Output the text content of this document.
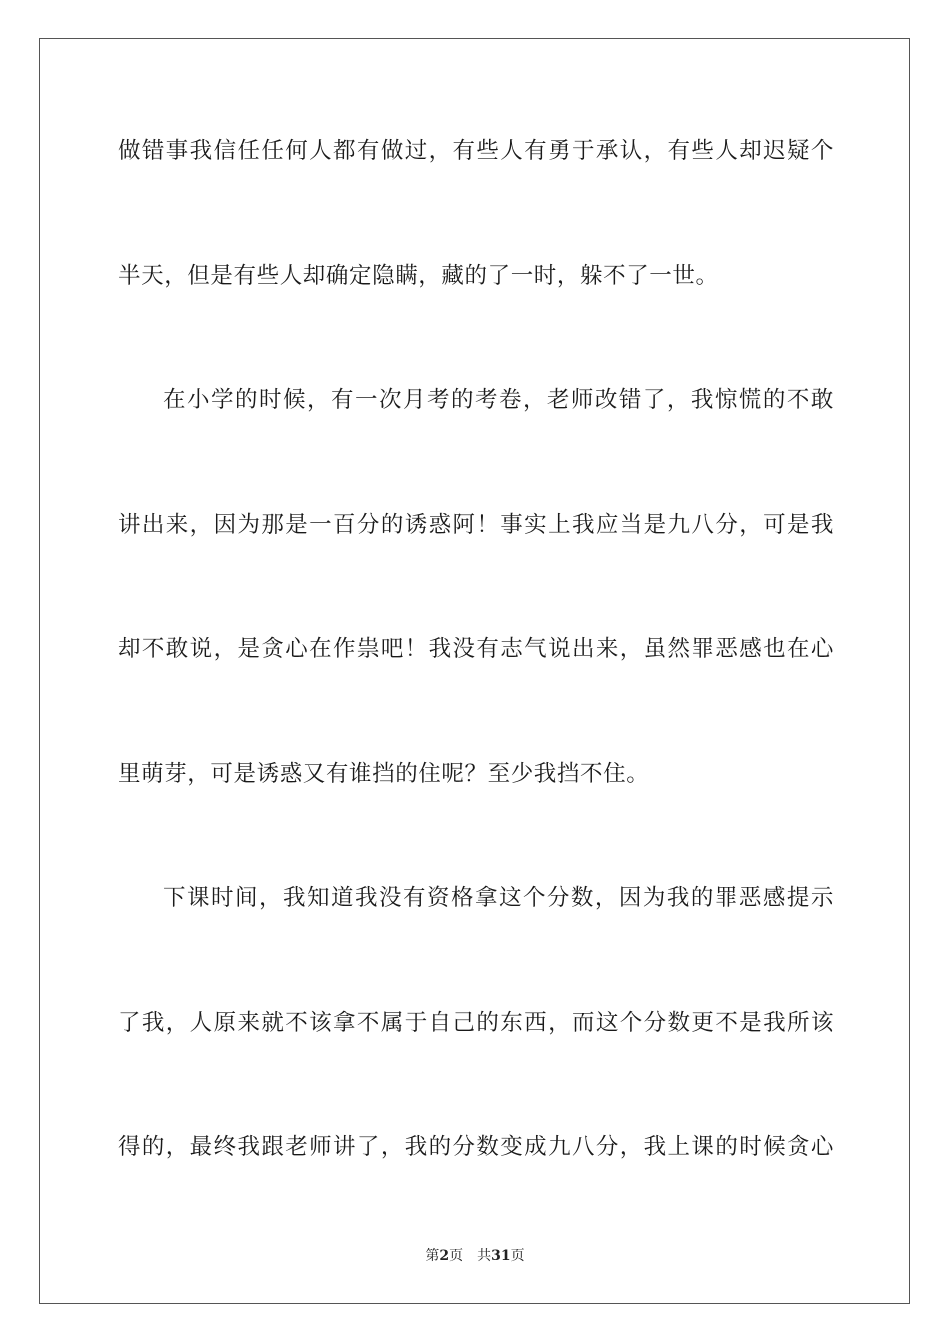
做错事我信任任何人都有做过，有些人有勇于承认，有些人却迟疑个
半天，但是有些人却确定隐瞒，藏的了一时，躲不了一世。
在小学的时候，有一次月考的考卷，老师改错了，我惊慌的不敢
讲出来，因为那是一百分的诱惑阿！事实上我应当是九八分，可是我
却不敢说，是贪心在作祟吧！我没有志气说出来，虽然罪恶感也在心
里萌芽，可是诱惑又有谁挡的住呢？至少我挡不住。
下课时间，我知道我没有资格拿这个分数，因为我的罪恶感提示
了我，人原来就不该拿不属于自己的东西，而这个分数更不是我所该
得的，最终我跟老师讲了，我的分数变成九八分，我上课的时候贪心
第2页 共31页
